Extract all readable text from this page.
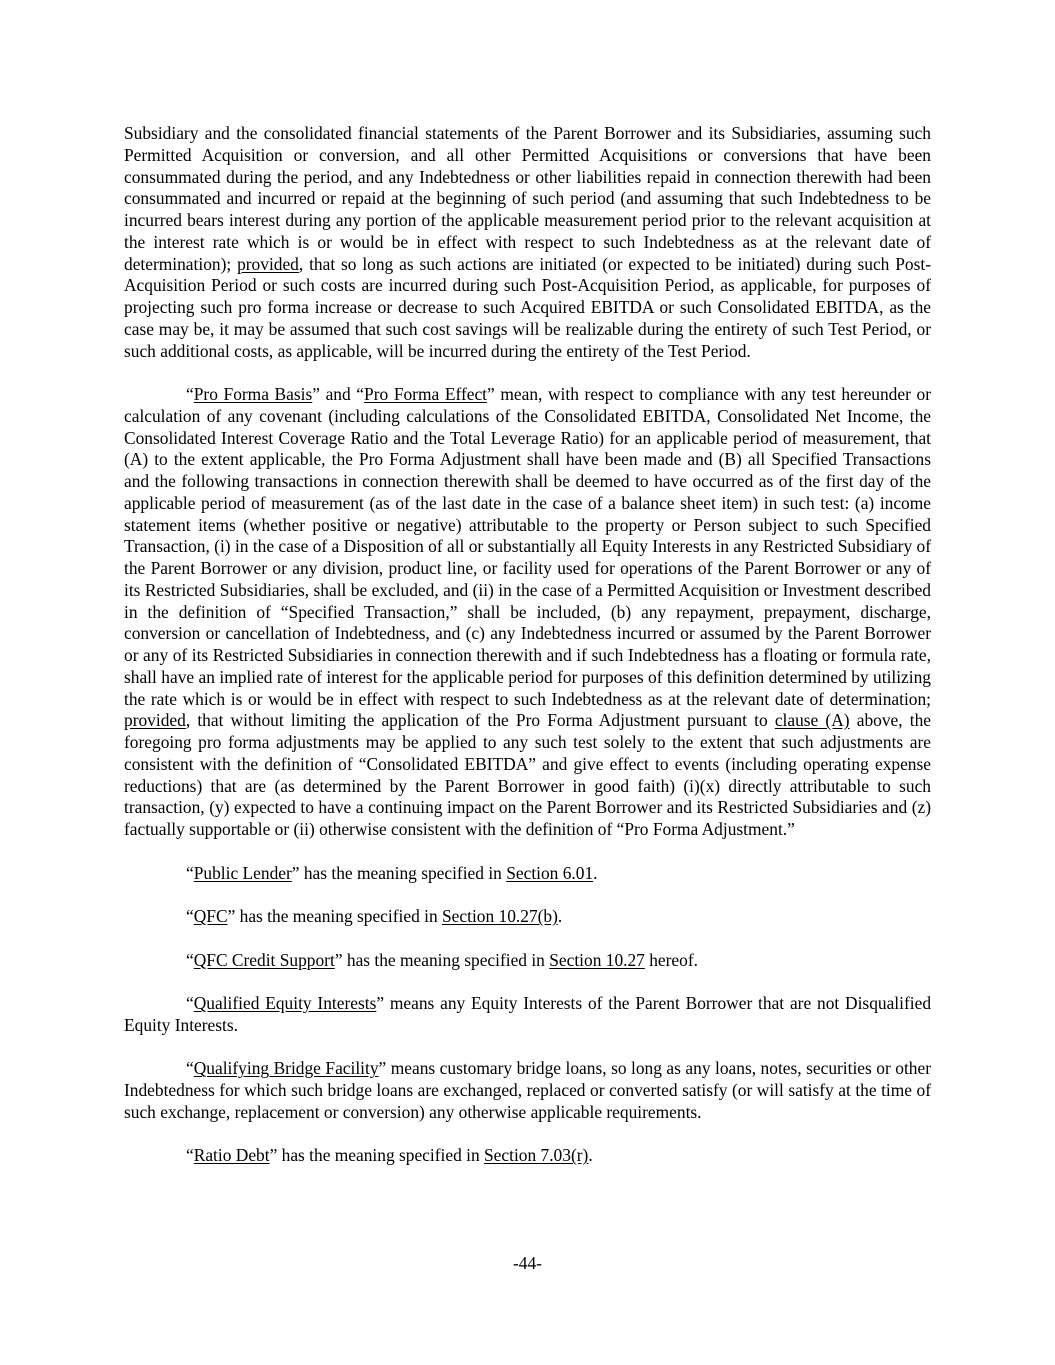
Subsidiary and the consolidated financial statements of the Parent Borrower and its Subsidiaries, assuming such Permitted Acquisition or conversion, and all other Permitted Acquisitions or conversions that have been consummated during the period, and any Indebtedness or other liabilities repaid in connection therewith had been consummated and incurred or repaid at the beginning of such period (and assuming that such Indebtedness to be incurred bears interest during any portion of the applicable measurement period prior to the relevant acquisition at the interest rate which is or would be in effect with respect to such Indebtedness as at the relevant date of determination); provided, that so long as such actions are initiated (or expected to be initiated) during such Post-Acquisition Period or such costs are incurred during such Post-Acquisition Period, as applicable, for purposes of projecting such pro forma increase or decrease to such Acquired EBITDA or such Consolidated EBITDA, as the case may be, it may be assumed that such cost savings will be realizable during the entirety of such Test Period, or such additional costs, as applicable, will be incurred during the entirety of the Test Period.

“Pro Forma Basis” and “Pro Forma Effect” mean, with respect to compliance with any test hereunder or calculation of any covenant (including calculations of the Consolidated EBITDA, Consolidated Net Income, the Consolidated Interest Coverage Ratio and the Total Leverage Ratio) for an applicable period of measurement, that (A) to the extent applicable, the Pro Forma Adjustment shall have been made and (B) all Specified Transactions and the following transactions in connection therewith shall be deemed to have occurred as of the first day of the applicable period of measurement (as of the last date in the case of a balance sheet item) in such test: (a) income statement items (whether positive or negative) attributable to the property or Person subject to such Specified Transaction, (i) in the case of a Disposition of all or substantially all Equity Interests in any Restricted Subsidiary of the Parent Borrower or any division, product line, or facility used for operations of the Parent Borrower or any of its Restricted Subsidiaries, shall be excluded, and (ii) in the case of a Permitted Acquisition or Investment described in the definition of “Specified Transaction,” shall be included, (b) any repayment, prepayment, discharge, conversion or cancellation of Indebtedness, and (c) any Indebtedness incurred or assumed by the Parent Borrower or any of its Restricted Subsidiaries in connection therewith and if such Indebtedness has a floating or formula rate, shall have an implied rate of interest for the applicable period for purposes of this definition determined by utilizing the rate which is or would be in effect with respect to such Indebtedness as at the relevant date of determination; provided, that without limiting the application of the Pro Forma Adjustment pursuant to clause (A) above, the foregoing pro forma adjustments may be applied to any such test solely to the extent that such adjustments are consistent with the definition of “Consolidated EBITDA” and give effect to events (including operating expense reductions) that are (as determined by the Parent Borrower in good faith) (i)(x) directly attributable to such transaction, (y) expected to have a continuing impact on the Parent Borrower and its Restricted Subsidiaries and (z) factually supportable or (ii) otherwise consistent with the definition of “Pro Forma Adjustment.”

“Public Lender” has the meaning specified in Section 6.01.

“QFC” has the meaning specified in Section 10.27(b).

“QFC Credit Support” has the meaning specified in Section 10.27 hereof.

“Qualified Equity Interests” means any Equity Interests of the Parent Borrower that are not Disqualified Equity Interests.

“Qualifying Bridge Facility” means customary bridge loans, so long as any loans, notes, securities or other Indebtedness for which such bridge loans are exchanged, replaced or converted satisfy (or will satisfy at the time of such exchange, replacement or conversion) any otherwise applicable requirements.

“Ratio Debt” has the meaning specified in Section 7.03(r).

-44-
